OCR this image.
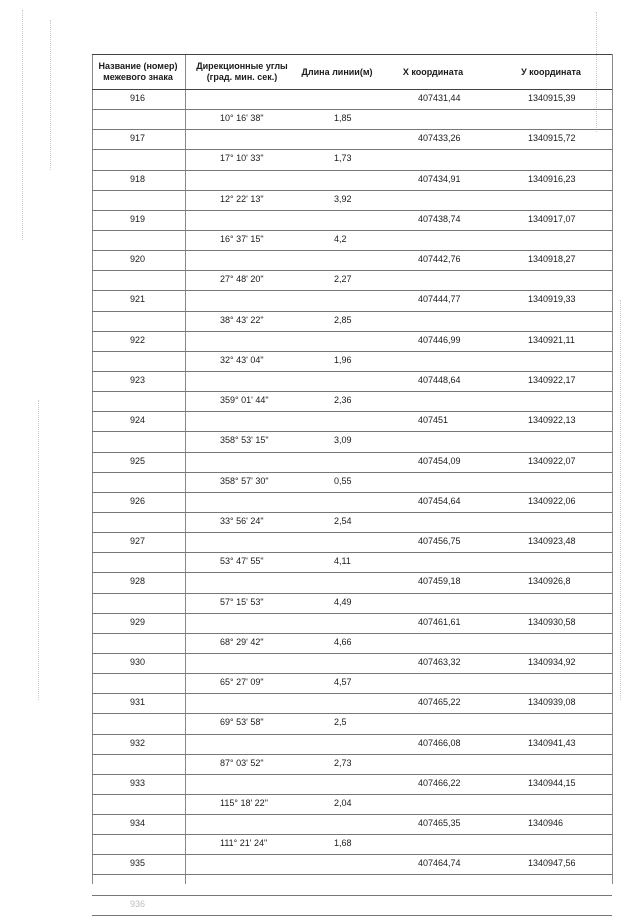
Название (номер) межевого знака
Дирекционные углы (град. мин. сек.)
Длина линии(м)	Х координата	У координата
916	407431,44	1340915,39
10° 16' 38"	1,85
917	407433,26	1340915,72
17° 10' 33"	1,73
918	407434,91	1340916,23
12° 22' 13"	3,92
919	407438,74	1340917,07
16° 37' 15"	4,2
920	407442,76	1340918,27
27° 48' 20"	2,27
921	407444,77	1340919,33
38° 43' 22"	2,85
922	407446,99	1340921,11
32° 43' 04"	1,96
923	407448,64	1340922,17
359° 01' 44"	2,36
924	407451	1340922,13
358° 53' 15"	3,09
925	407454,09	1340922,07
358° 57' 30"	0,55
926	407454,64	1340922,06
33° 56' 24"	2,54
927	407456,75	1340923,48
53° 47' 55"	4,11
928	407459,18	1340926,8
57° 15' 53"	4,49
929	407461,61	1340930,58
68° 29' 42"	4,66
930	407463,32	1340934,92
65° 27' 09"	4,57
931	407465,22	1340939,08
69° 53' 58"	2,5
932	407466,08	1340941,43
87° 03' 52"	2,73
933	407466,22	1340944,15
115° 18' 22"	2,04
934	407465,35	1340946
111° 21' 24"	1,68
935	407464,74	1340947,56
936
